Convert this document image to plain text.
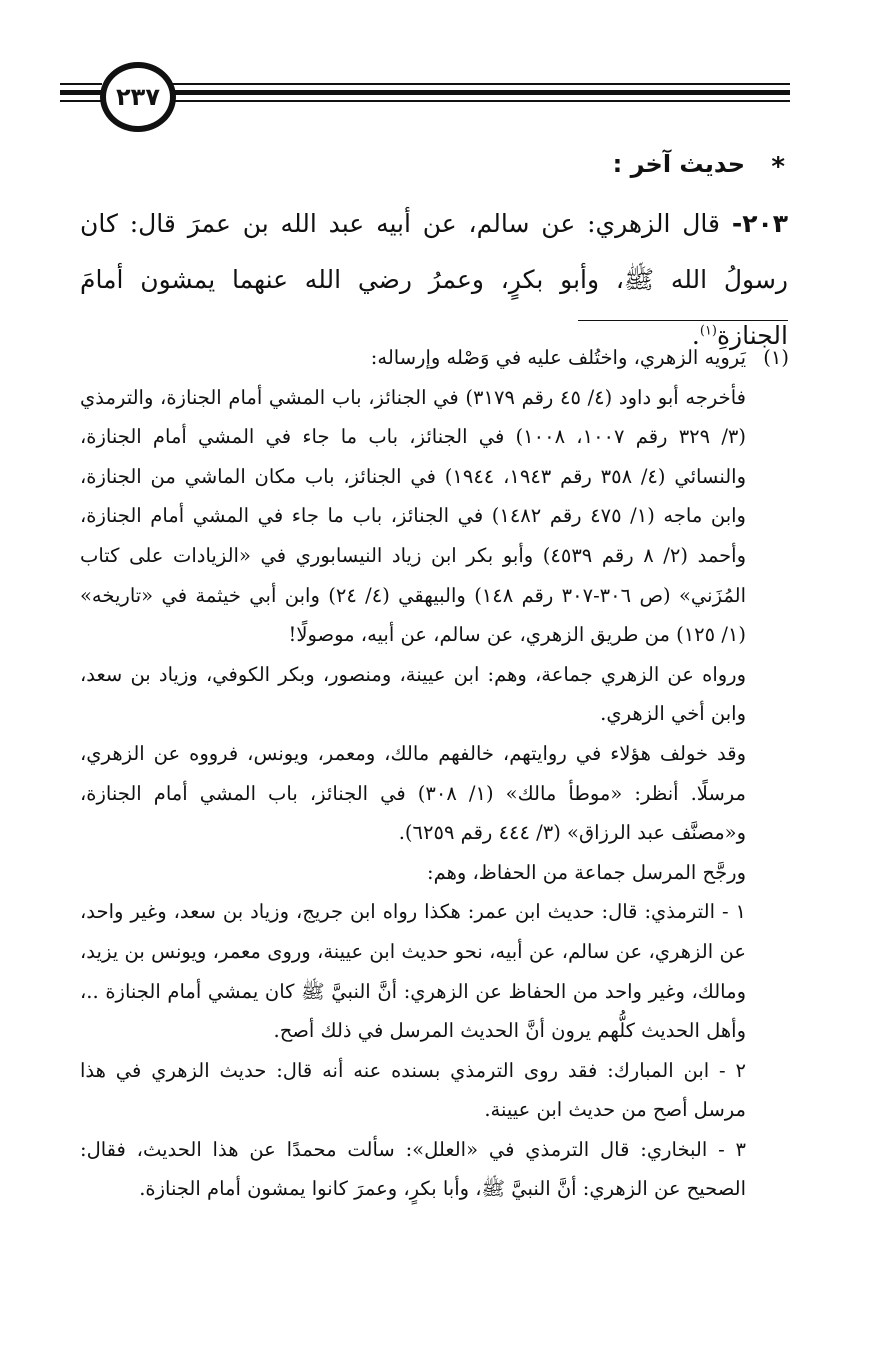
٢٣٧
*
حديث آخر :
٢٠٣- قال الزهري: عن سالم، عن أبيه عبد الله بن عمرَ قال: كان رسولُ الله ﷺ، وأبو بكرٍ، وعمرُ رضي الله عنهما يمشون أمامَ الجنازةِ$^{(١)}$.
(١)

يَرويه الزهري، واختُلف عليه في وَصْله وإرساله:

فأخرجه أبو داود (٤/ ٤٥ رقم ٣١٧٩) في الجنائز، باب المشي أمام الجنازة، والترمذي (٣/ ٣٢٩ رقم ١٠٠٧، ١٠٠٨) في الجنائز، باب ما جاء في المشي أمام الجنازة، والنسائي (٤/ ٣٥٨ رقم ١٩٤٣، ١٩٤٤) في الجنائز، باب مكان الماشي من الجنازة، وابن ماجه (١/ ٤٧٥ رقم ١٤٨٢) في الجنائز، باب ما جاء في المشي أمام الجنازة، وأحمد (٢/ ٨ رقم ٤٥٣٩) وأبو بكر ابن زياد النيسابوري في «الزيادات على كتاب المُزَني» (ص ٣٠٦-٣٠٧ رقم ١٤٨) والبيهقي (٤/ ٢٤) وابن أبي خيثمة في «تاريخه» (١/ ١٢٥) من طريق الزهري، عن سالم، عن أبيه، موصولًا!

ورواه عن الزهري جماعة، وهم: ابن عيينة، ومنصور، وبكر الكوفي، وزياد بن سعد، وابن أخي الزهري.

وقد خولف هؤلاء في روايتهم، خالفهم مالك، ومعمر، ويونس، فرووه عن الزهري، مرسلًا. أنظر: «موطأ مالك» (١/ ٣٠٨) في الجنائز، باب المشي أمام الجنازة، و«مصنَّف عبد الرزاق» (٣/ ٤٤٤ رقم ٦٢٥٩).

ورجَّح المرسل جماعة من الحفاظ، وهم:

١ - الترمذي: قال: حديث ابن عمر: هكذا رواه ابن جريج، وزياد بن سعد، وغير واحد، عن الزهري، عن سالم، عن أبيه، نحو حديث ابن عيينة، وروى معمر، ويونس بن يزيد، ومالك، وغير واحد من الحفاظ عن الزهري: أنَّ النبيَّ ﷺ كان يمشي أمام الجنازة ..، وأهل الحديث كلُّهم يرون أنَّ الحديث المرسل في ذلك أصح.

٢ - ابن المبارك: فقد روى الترمذي بسنده عنه أنه قال: حديث الزهري في هذا مرسل أصح من حديث ابن عيينة.

٣ - البخاري: قال الترمذي في «العلل»: سألت محمدًا عن هذا الحديث، فقال: الصحيح عن الزهري: أنَّ النبيَّ ﷺ، وأبا بكرٍ، وعمرَ كانوا يمشون أمام الجنازة.
